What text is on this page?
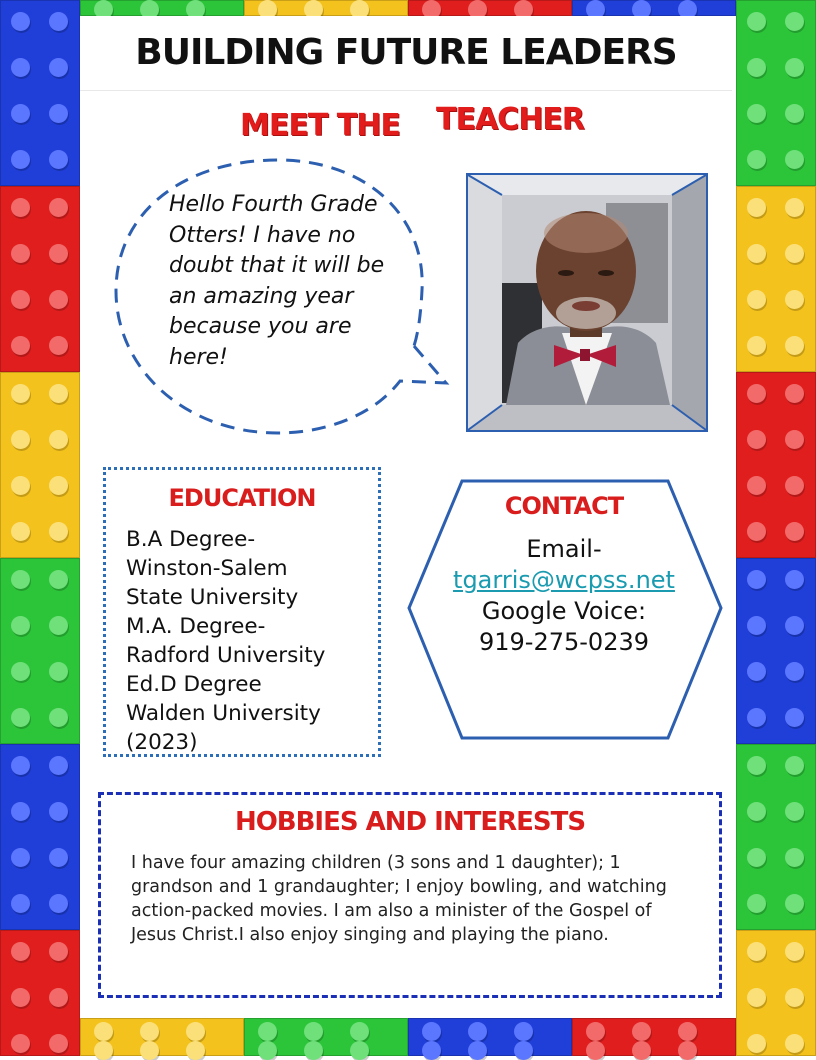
BUILDING FUTURE LEADERS
MEET THE TEACHER
Hello Fourth Grade Otters! I have no doubt that it will be an amazing year because you are here!
EDUCATION
B.A Degree-
Winston-Salem
State University
M.A. Degree-
Radford University
Ed.D Degree
Walden University
(2023)
CONTACT
Email-
tgarris@wcpss.net
Google Voice:
919-275-0239
HOBBIES AND INTERESTS
I have four amazing children (3 sons and 1 daughter); 1 grandson and 1 grandaughter; I enjoy bowling, and watching action-packed movies. I am also a minister of the Gospel of Jesus Christ.I also enjoy singing and playing the piano.
